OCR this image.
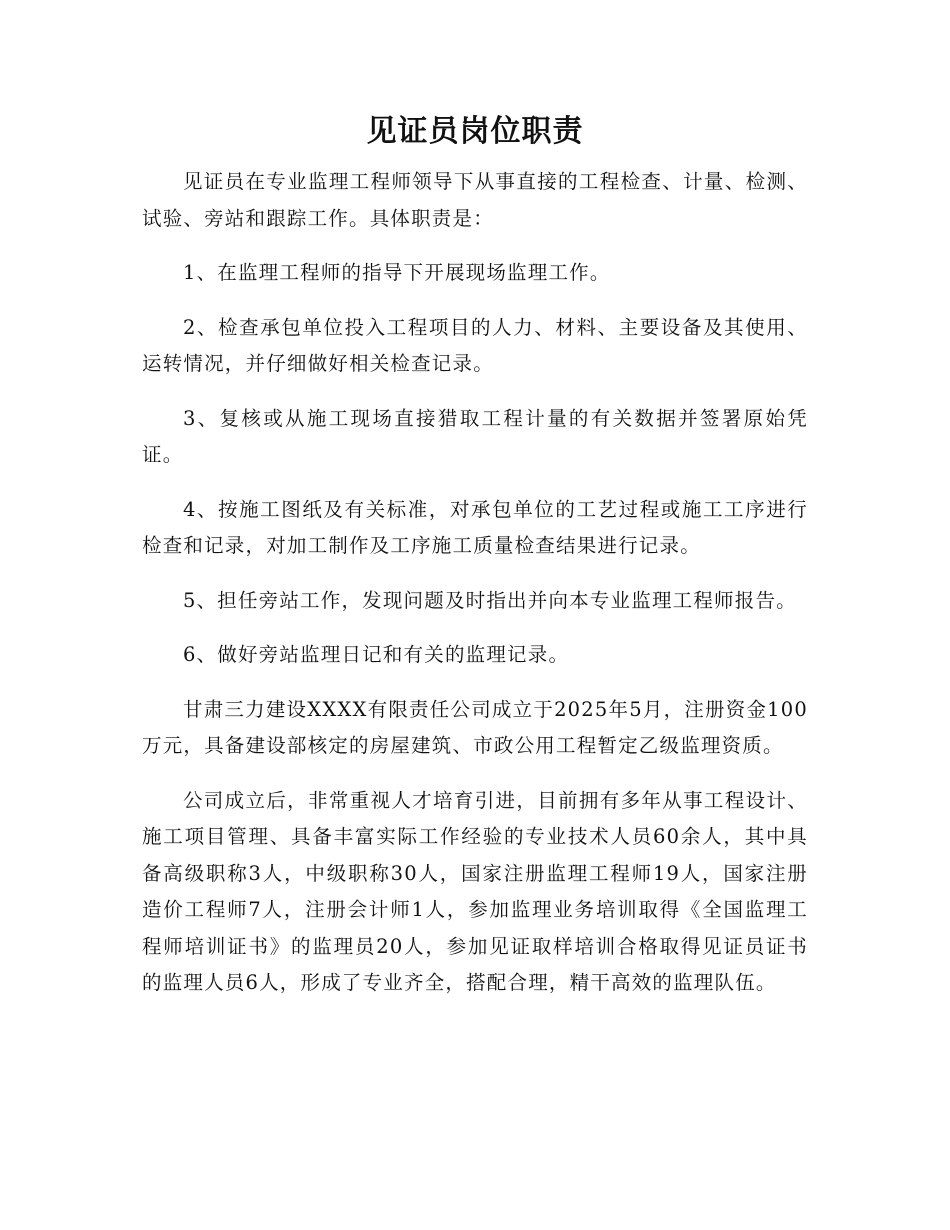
见证员岗位职责

见证员在专业监理工程师领导下从事直接的工程检查、计量、检测、试验、旁站和跟踪工作。具体职责是：

1、在监理工程师的指导下开展现场监理工作。

2、检查承包单位投入工程项目的人力、材料、主要设备及其使用、运转情况，并仔细做好相关检查记录。

3、复核或从施工现场直接猎取工程计量的有关数据并签署原始凭证。

4、按施工图纸及有关标准，对承包单位的工艺过程或施工工序进行检查和记录，对加工制作及工序施工质量检查结果进行记录。

5、担任旁站工作，发现问题及时指出并向本专业监理工程师报告。

6、做好旁站监理日记和有关的监理记录。

甘肃三力建设XXXX有限责任公司成立于2025年5月，注册资金100万元，具备建设部核定的房屋建筑、市政公用工程暂定乙级监理资质。

公司成立后，非常重视人才培育引进，目前拥有多年从事工程设计、施工项目管理、具备丰富实际工作经验的专业技术人员60余人，其中具备高级职称3人，中级职称30人，国家注册监理工程师19人，国家注册造价工程师7人，注册会计师1人，参加监理业务培训取得《全国监理工程师培训证书》的监理员20人，参加见证取样培训合格取得见证员证书的监理人员6人，形成了专业齐全，搭配合理，精干高效的监理队伍。
